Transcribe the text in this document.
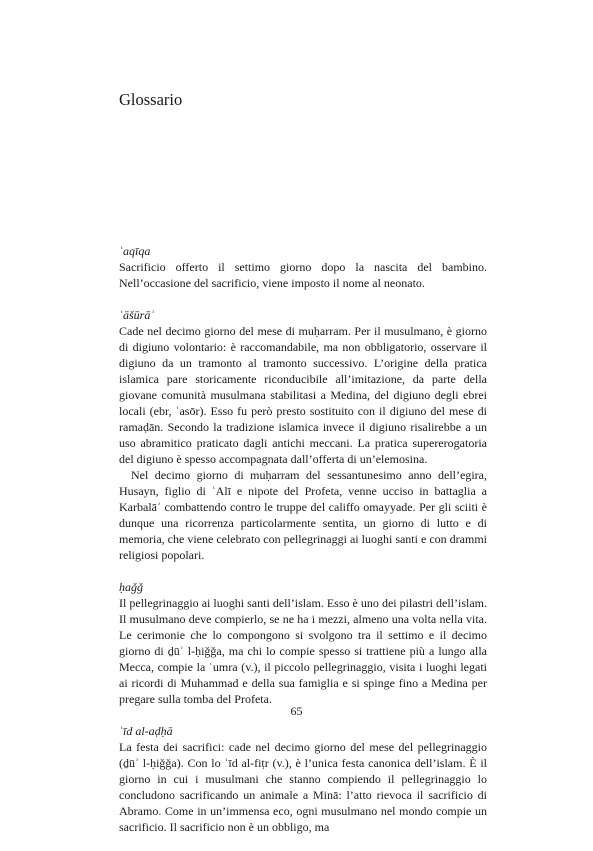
Glossario
ʿaqīqa

Sacrificio offerto il settimo giorno dopo la nascita del bambino. Nell’occasione del sacrificio, viene imposto il nome al neonato.

ʿāšūrāʾ

Cade nel decimo giorno del mese di muḥarram. Per il musulmano, è giorno di digiuno volontario: è raccomandabile, ma non obbligatorio, osservare il digiuno da un tramonto al tramonto successivo. L’origine della pratica islamica pare storicamente riconducibile all’imitazione, da parte della giovane comunità musulmana stabilitasi a Medina, del digiuno degli ebrei locali (ebr, ʿasōr). Esso fu però presto sostituito con il digiuno del mese di ramaḍān. Secondo la tradizione islamica invece il digiuno risalirebbe a un uso abramitico praticato dagli antichi meccani. La pratica supererogatoria del digiuno è spesso accompagnata dall’offerta di un’elemosina.

Nel decimo giorno di muḥarram del sessantunesimo anno dell’egira, Husayn, figlio di ʿAlī e nipote del Profeta, venne ucciso in battaglia a Karbalāʾ combattendo contro le truppe del califfo omayyade. Per gli sciiti è dunque una ricorrenza particolarmente sentita, un giorno di lutto e di memoria, che viene celebrato con pellegrinaggi ai luoghi santi e con drammi religiosi popolari.

ḥaǧǧ

Il pellegrinaggio ai luoghi santi dell’islam. Esso è uno dei pilastri dell’islam. Il musulmano deve compierlo, se ne ha i mezzi, almeno una volta nella vita. Le cerimonie che lo compongono si svolgono tra il settimo e il decimo giorno di ḏūʾ l-ḥiǧǧa, ma chi lo compie spesso si trattiene più a lungo alla Mecca, compie la ʿumra (v.), il piccolo pellegrinaggio, visita i luoghi legati ai ricordi di Muhammad e della sua famiglia e si spinge fino a Medina per pregare sulla tomba del Profeta.

ʿīd al-aḍḥā

La festa dei sacrifici: cade nel decimo giorno del mese del pellegrinaggio (ḏūʾ l-ḥiǧǧa). Con lo ʿīd al-fiṭr (v.), è l’unica festa canonica dell’islam. È il giorno in cui i musulmani che stanno compiendo il pellegrinaggio lo concludono sacrificando un animale a Minā: l’atto rievoca il sacrificio di Abramo. Come in un’immensa eco, ogni musulmano nel mondo compie un sacrificio. Il sacrificio non è un obbligo, ma

65
